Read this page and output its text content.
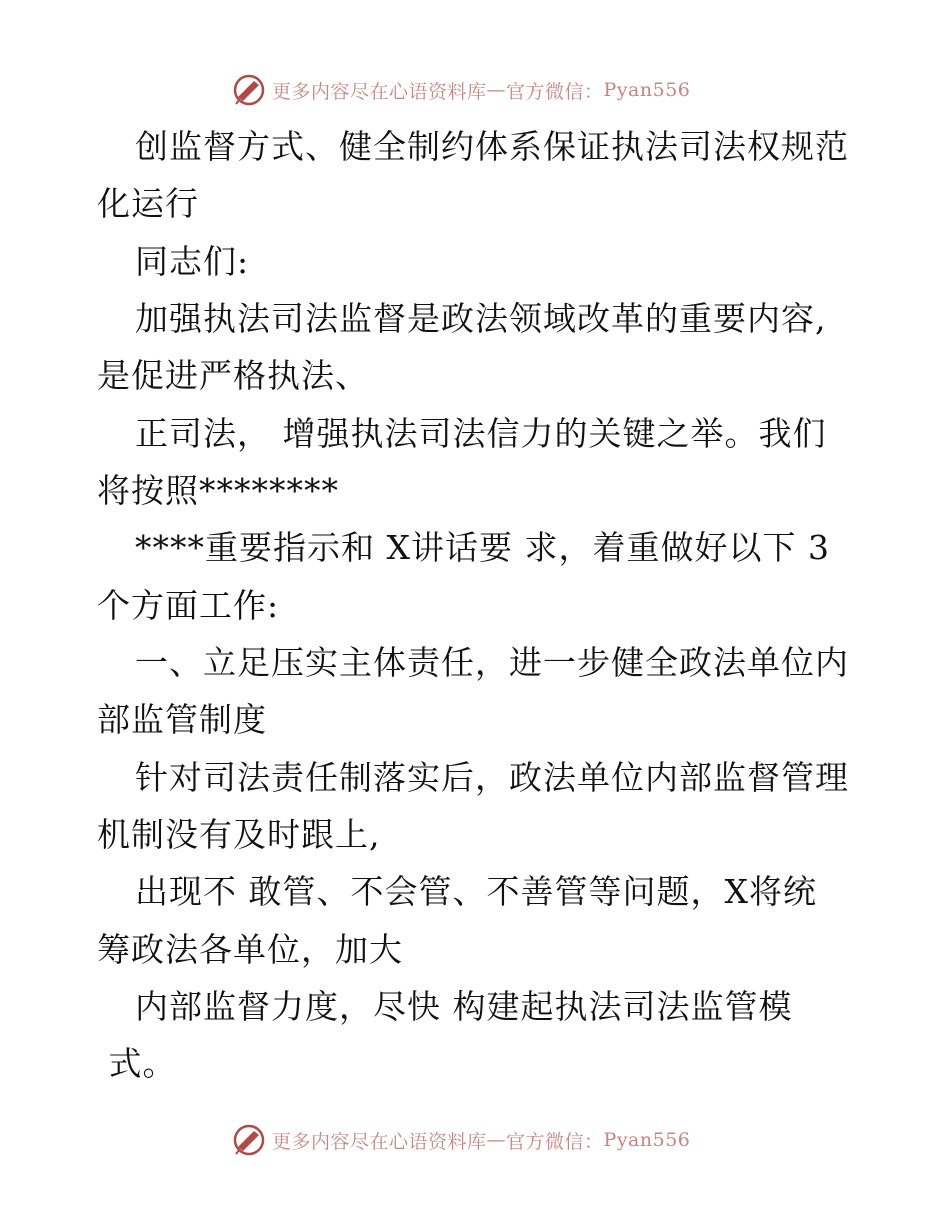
更多内容尽在心语资料库 — 官方微信： Pyan556
创监督方式、健全制约体系保证执法司法权规范
化运行
同志们:
加强执法司法监督是政法领域改革的重要内容,
是促进严格执法、
正司法， 增强执法司法信力的关键之举。我们
将按照********
****重要指示和 X讲话要 求，着重做好以下 3
个方面工作:
一、立足压实主体责任，进一步健全政法单位内
部监管制度
针对司法责任制落实后，政法单位内部监督管理
机制没有及时跟上,
出现不 敢管、不会管、不善管等问题，X将统
筹政法各单位，加大
内部监督力度，尽快 构建起执法司法监管模
式。
更多内容尽在心语资料库 — 官方微信： Pyan556
